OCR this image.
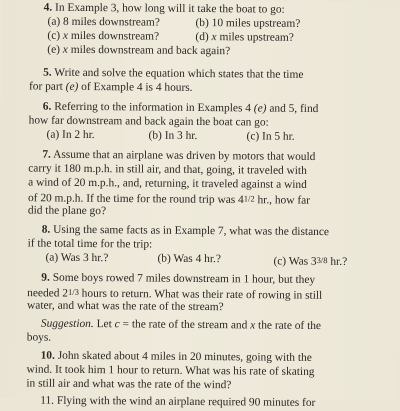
4. In Example 3, how long will it take the boat to go:
(a) 8 miles downstream?	(b) 10 miles upstream?
(c) x miles downstream?	(d) x miles upstream?
(e) x miles downstream and back again?
5. Write and solve the equation which states that the time
for part (e) of Example 4 is 4 hours.
6. Referring to the information in Examples 4 (e) and 5, find
how far downstream and back again the boat can go:
(a) In 2 hr.	(b) In 3 hr.	(c) In 5 hr.
7. Assume that an airplane was driven by motors that would
carry it 180 m.p.h. in still air, and that, going, it traveled with
a wind of 20 m.p.h., and, returning, it traveled against a wind
of 20 m.p.h. If the time for the round trip was 41/2 hr., how far
did the plane go?
8. Using the same facts as in Example 7, what was the distance
if the total time for the trip:
(a) Was 3 hr.?	(b) Was 4 hr.?	(c) Was 33/8 hr.?
9. Some boys rowed 7 miles downstream in 1 hour, but they
needed 21/3 hours to return. What was their rate of rowing in still
water, and what was the rate of the stream?
Suggestion. Let c = the rate of the stream and x the rate of the
boys.
10. John skated about 4 miles in 20 minutes, going with the
wind. It took him 1 hour to return. What was his rate of skating
in still air and what was the rate of the wind?
11. Flying with the wind an airplane required 90 minutes for
